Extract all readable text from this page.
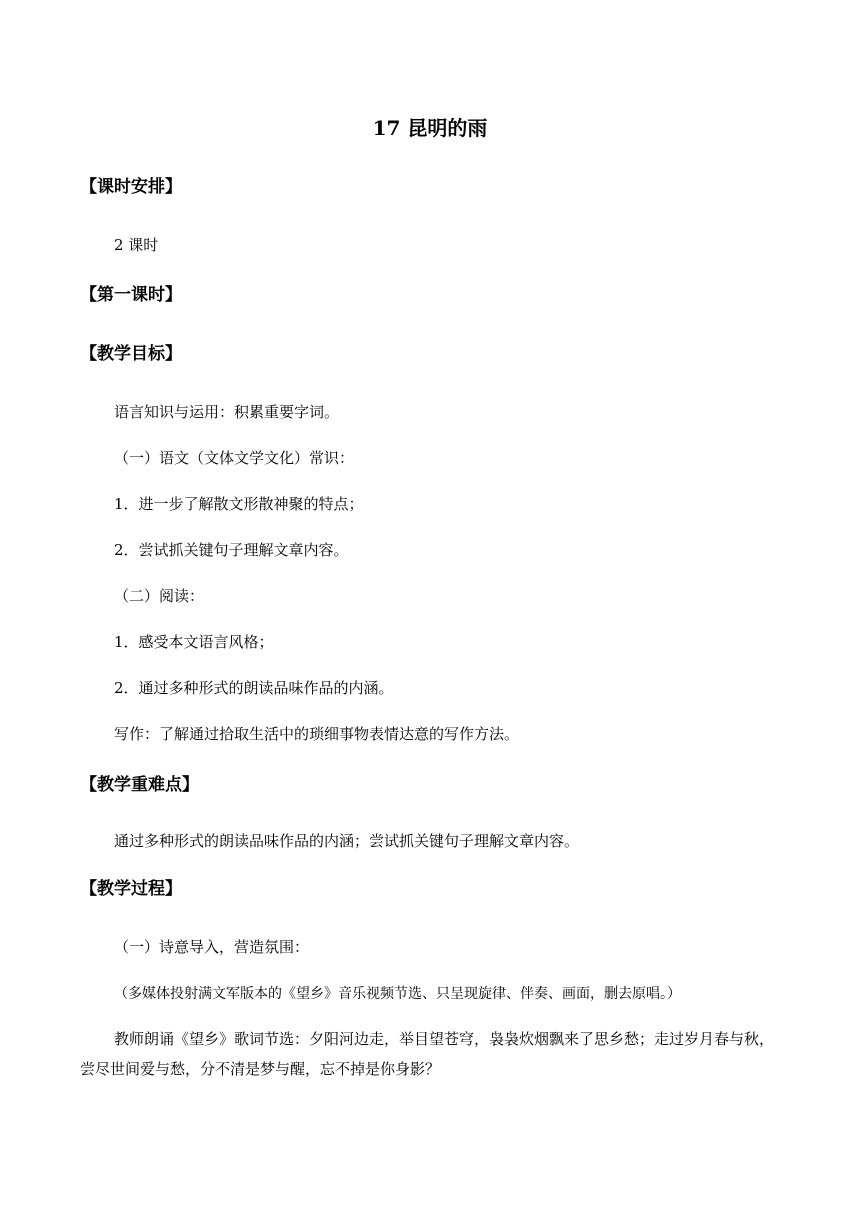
17 昆明的雨
【课时安排】
2 课时
【第一课时】
【教学目标】
语言知识与运用：积累重要字词。
（一）语文（文体文学文化）常识：
1．进一步了解散文形散神聚的特点；
2．尝试抓关键句子理解文章内容。
（二）阅读：
1．感受本文语言风格；
2．通过多种形式的朗读品味作品的内涵。
写作：了解通过拾取生活中的琐细事物表情达意的写作方法。
【教学重难点】
通过多种形式的朗读品味作品的内涵；尝试抓关键句子理解文章内容。
【教学过程】
（一）诗意导入，营造氛围：
（多媒体投射满文军版本的《望乡》音乐视频节选、只呈现旋律、伴奏、画面，删去原唱。）
教师朗诵《望乡》歌词节选：夕阳河边走，举目望苍穹，袅袅炊烟飘来了思乡愁；走过岁月春与秋，尝尽世间爱与愁，分不清是梦与醒，忘不掉是你身影？
